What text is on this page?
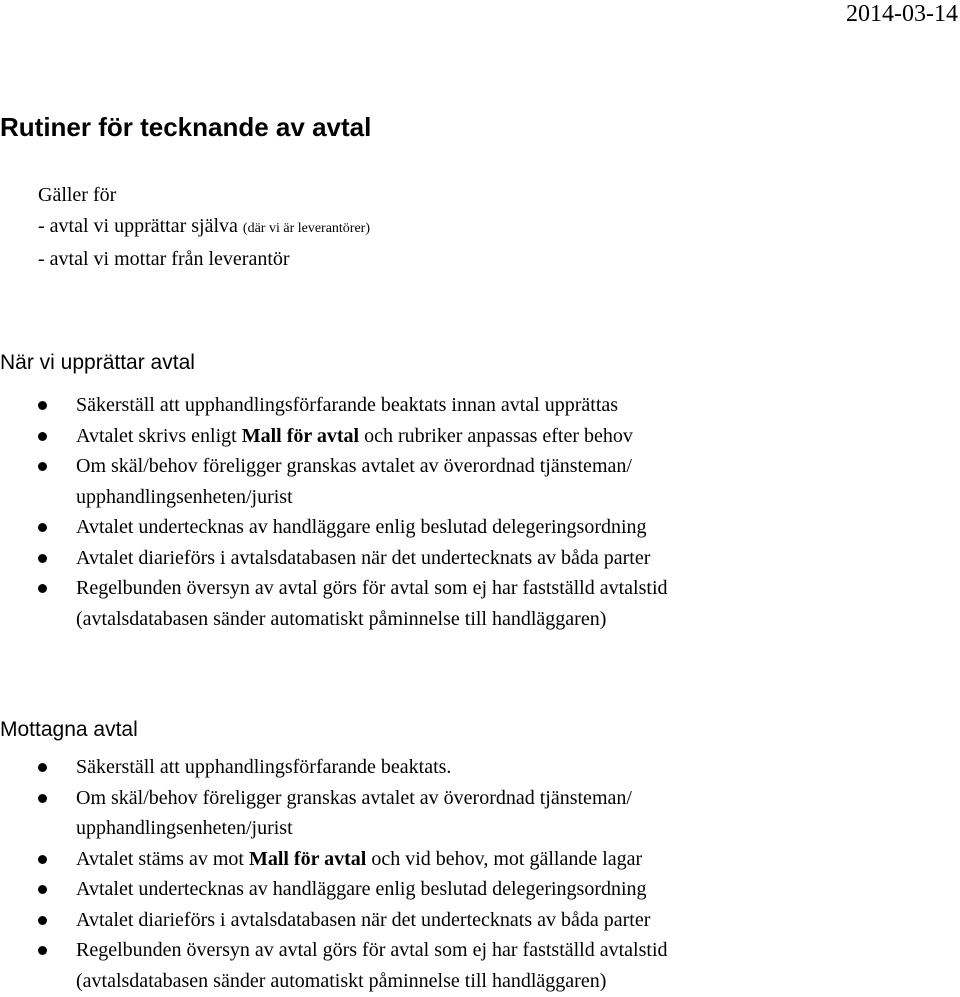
2014-03-14
Rutiner för tecknande av avtal
Gäller för
- avtal vi upprättar själva (där vi är leverantörer)
- avtal vi mottar från leverantör
När vi upprättar avtal
Säkerställ att upphandlingsförfarande beaktats innan avtal upprättas
Avtalet skrivs enligt Mall för avtal och rubriker anpassas efter behov
Om skäl/behov föreligger granskas avtalet av överordnad tjänsteman/
upphandlingsenheten/jurist
Avtalet undertecknas av handläggare enlig beslutad delegeringsordning
Avtalet diarieförs i avtalsdatabasen när det undertecknats av båda parter
Regelbunden översyn av avtal görs för avtal som ej har fastställd avtalstid
(avtalsdatabasen sänder automatiskt påminnelse till handläggaren)
Mottagna avtal
Säkerställ att upphandlingsförfarande beaktats.
Om skäl/behov föreligger granskas avtalet av överordnad tjänsteman/
upphandlingsenheten/jurist
Avtalet stäms av mot Mall för avtal och vid behov, mot gällande lagar
Avtalet undertecknas av handläggare enlig beslutad delegeringsordning
Avtalet diarieförs i avtalsdatabasen när det undertecknats av båda parter
Regelbunden översyn av avtal görs för avtal som ej har fastställd avtalstid
(avtalsdatabasen sänder automatiskt påminnelse till handläggaren)
